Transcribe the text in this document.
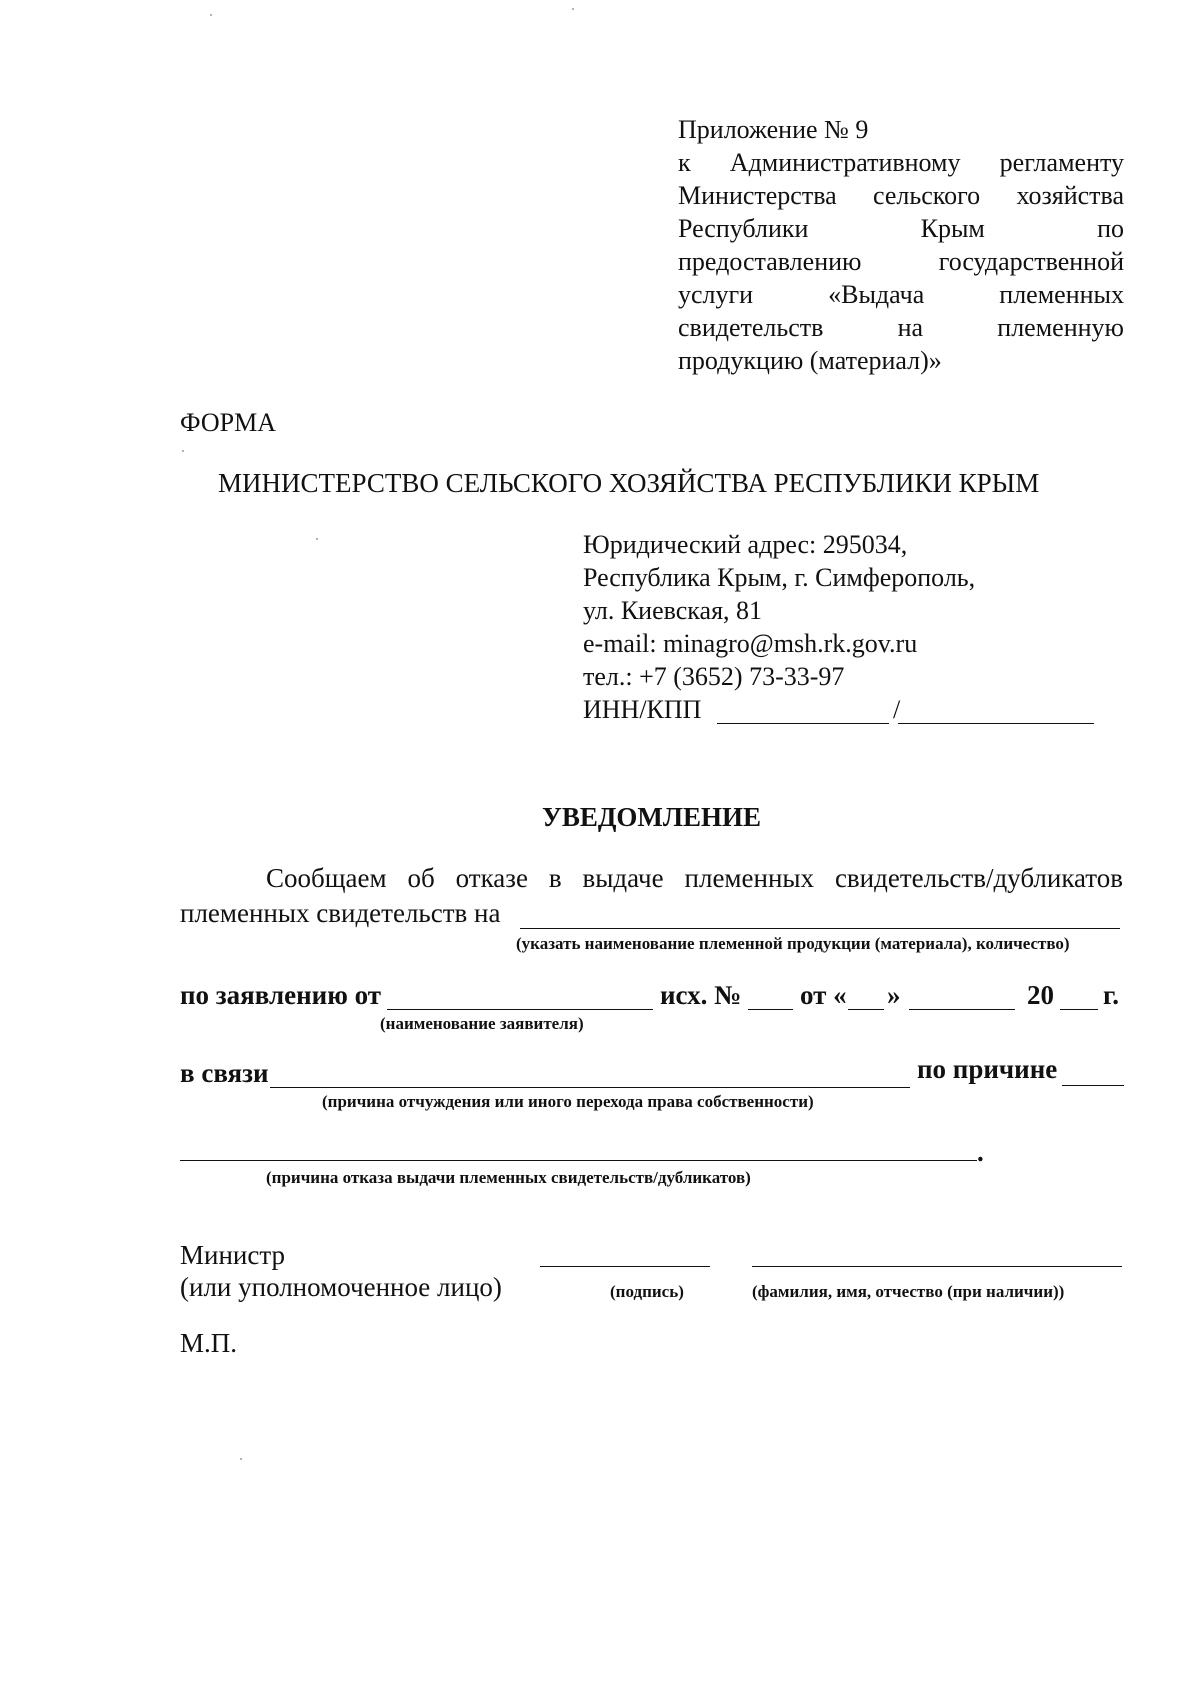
Приложение № 9
к Административному регламенту
Министерства сельского хозяйства
Республики	Крым	по
предоставлению	государственной
услуги	«Выдача	племенных
свидетельств	на	племенную
продукцию (материал)»
ФОРМА
МИНИСТЕРСТВО СЕЛЬСКОГО ХОЗЯЙСТВА РЕСПУБЛИКИ КРЫМ
Юридический адрес: 295034,
Республика Крым, г. Симферополь,
ул. Киевская, 81
e-mail: minagro@msh.rk.gov.ru
тел.: +7 (3652) 73-33-97
ИНН/КПП	/
УВЕДОМЛЕНИЕ
Сообщаем об отказе в выдаче племенных свидетельств/дубликатов
племенных свидетельств на
(указать наименование племенной продукции (материала), количество)
по заявлению от	исх. № от « »	20 г.
(наименование заявителя)
в связи	по причине
(причина отчуждения или иного перехода права собственности)
.
(причина отказа выдачи племенных свидетельств/дубликатов)
Министр
(или уполномоченное лицо)	(подпись)	(фамилия, имя, отчество (при наличии))
М.П.
